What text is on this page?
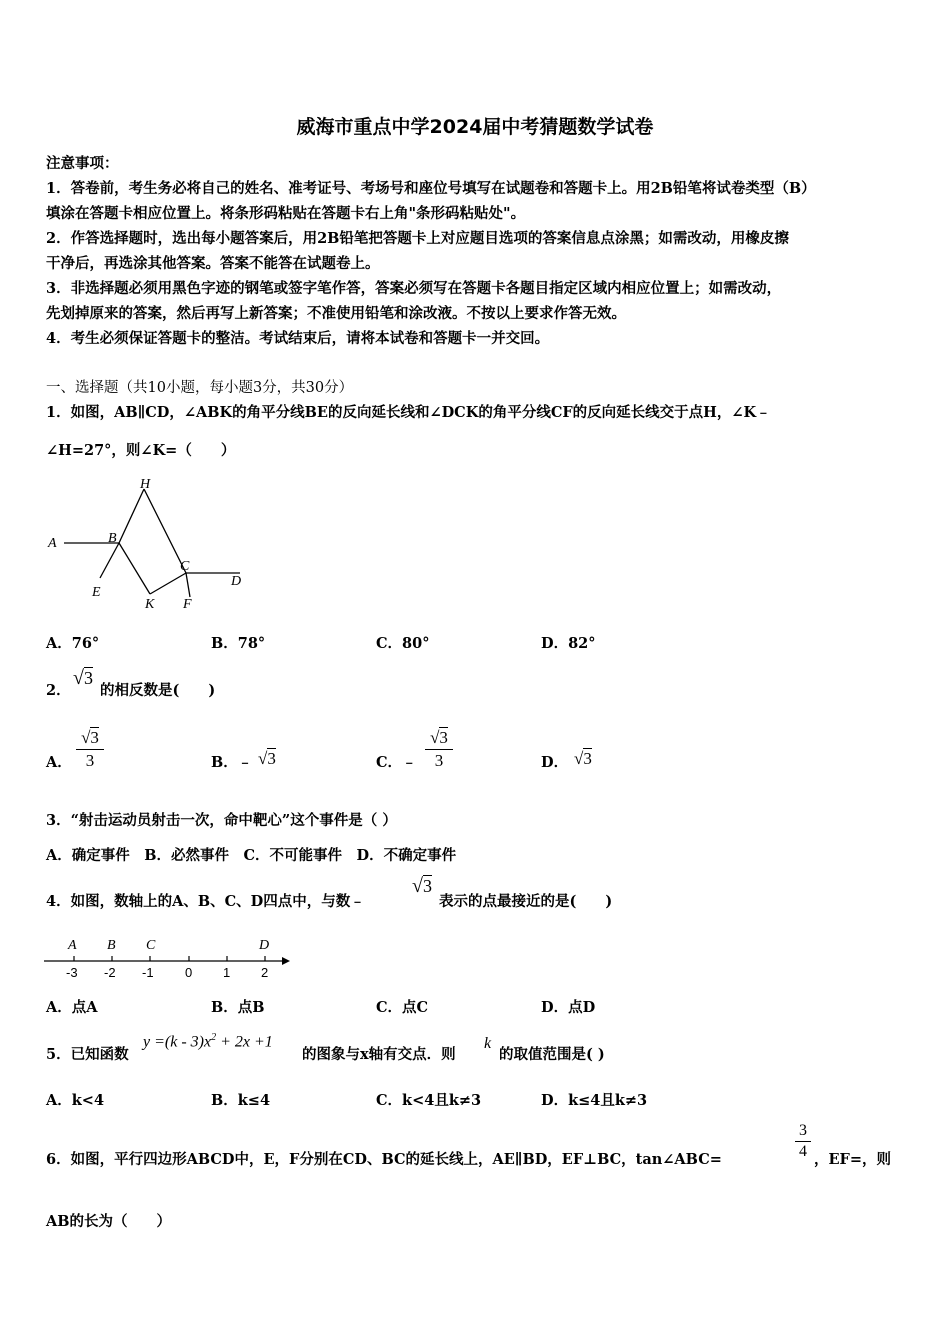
威海市重点中学2024届中考猜题数学试卷
注意事项：
1．答卷前，考生务必将自己的姓名、准考证号、考场号和座位号填写在试题卷和答题卡上。用2B铅笔将试卷类型（B）
填涂在答题卡相应位置上。将条形码粘贴在答题卡右上角"条形码粘贴处"。
2．作答选择题时，选出每小题答案后，用2B铅笔把答题卡上对应题目选项的答案信息点涂黑；如需改动，用橡皮擦
干净后，再选涂其他答案。答案不能答在试题卷上。
3．非选择题必须用黑色字迹的钢笔或签字笔作答，答案必须写在答题卡各题目指定区域内相应位置上；如需改动，
先划掉原来的答案，然后再写上新答案；不准使用铅笔和涂改液。不按以上要求作答无效。
4．考生必须保证答题卡的整洁。考试结束后，请将本试卷和答题卡一并交回。
一、选择题（共10小题，每小题3分，共30分）
1．如图，AB∥CD，∠ABK的角平分线BE的反向延长线和∠DCK的角平分线CF的反向延长线交于点H，∠K﹣
∠H=27°，则∠K=（　　）
A	B
H
C
D
E
K F
A．76°	B．78°	C．80°	D．82°
2．
√3
的相反数是(　　)
A．
√3
3	B．﹣ √3	C．﹣
√3
3	D． √3
3．“射击运动员射击一次，命中靶心”这个事件是（ ）
A．确定事件　B．必然事件　C．不可能事件　D．不确定事件
4．如图，数轴上的A、B、C、D四点中，与数﹣
√3
表示的点最接近的是(　　)
A B C	D
-3 -2 -1 0 1 2
A．点A	B．点B	C．点C	D．点D
5．已知函数
$y =(k - 3)x^2 + 2x +1$
的图象与x轴有交点．则
k
的取值范围是( )
A．k<4	B．k≤4	C．k<4且k≠3	D．k≤4且k≠3
6．如图，平行四边形ABCD中，E，F分别在CD、BC的延长线上，AE∥BD，EF⊥BC，tan∠ABC=
3
4 ，EF=，则
AB的长为（　　）
